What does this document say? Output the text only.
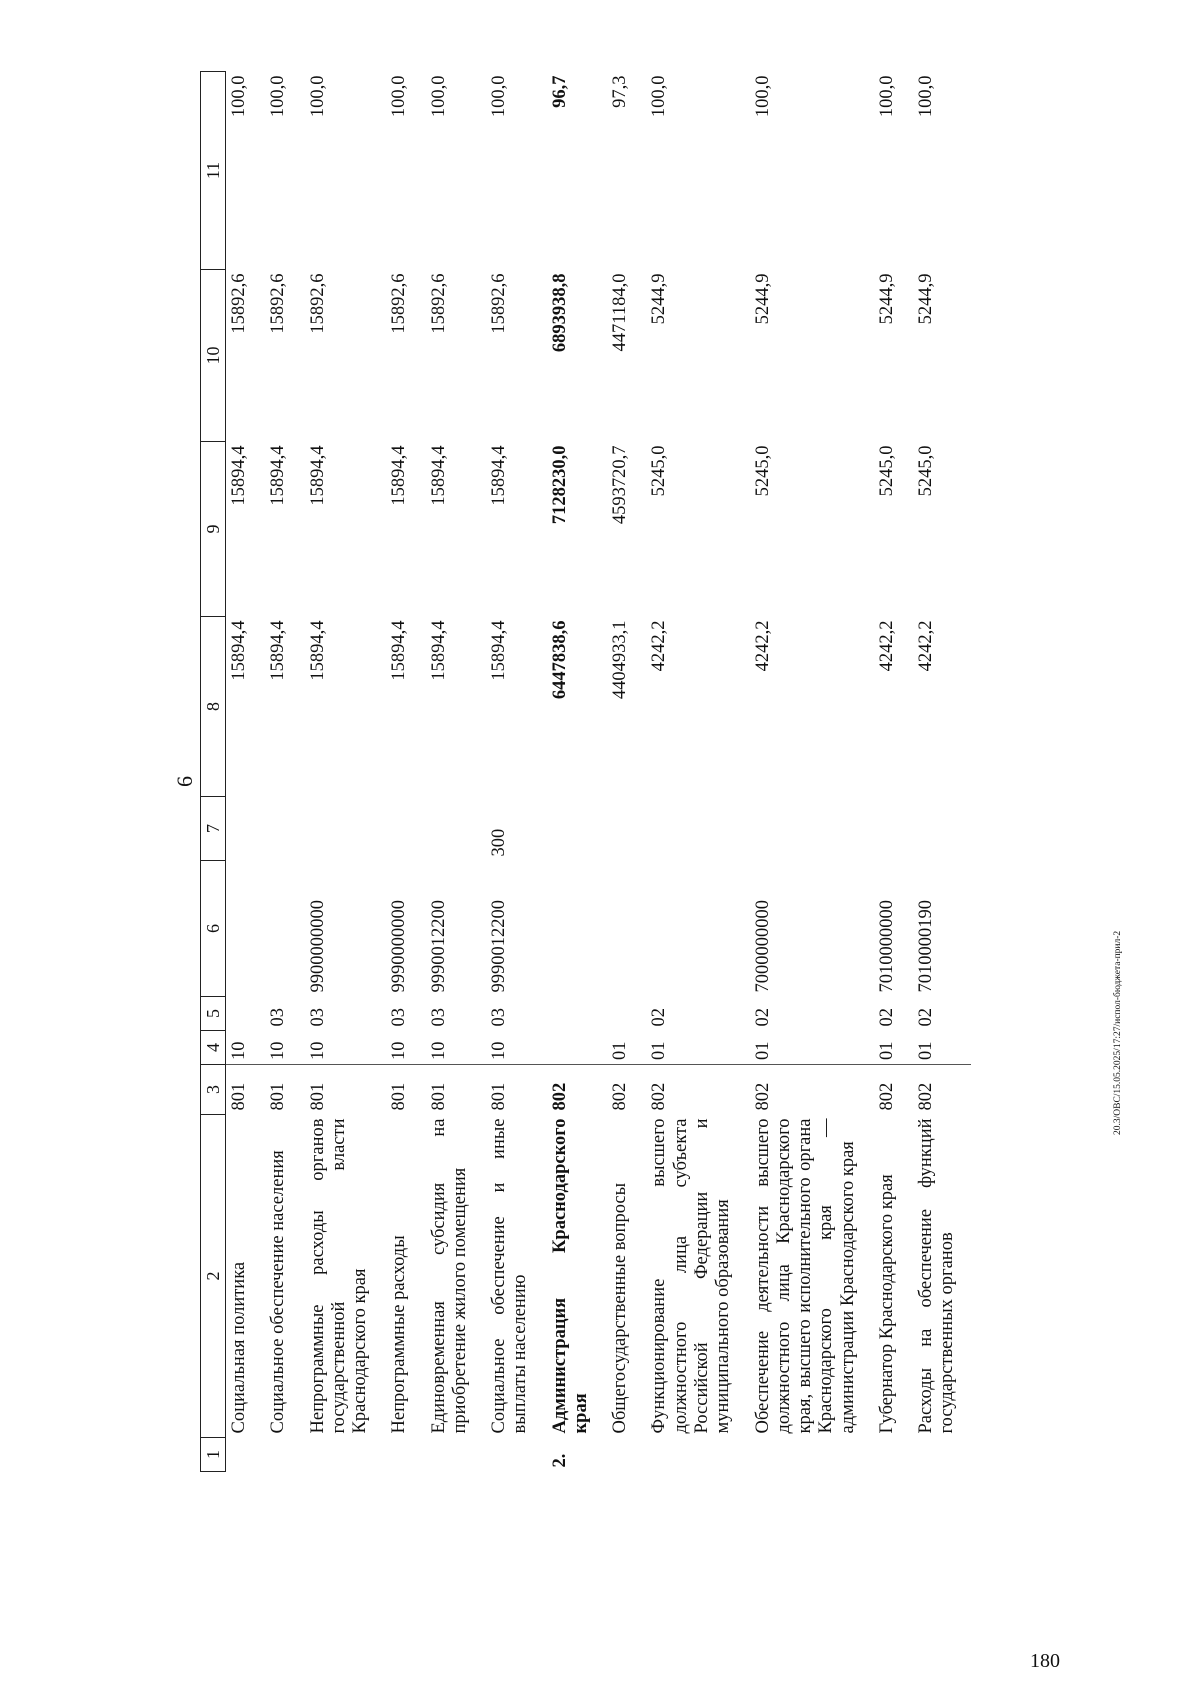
6
1	2	3	4	5	6	7	8	9	10	11
	Социальная политика	801	10				15894,4	15894,4	15892,6	100,0
	Социальное обеспечение населения	801	10	03			15894,4	15894,4	15892,6	100,0
	Непрограммные расходы органов государственной власти Краснодарского края	801	10	03	9900000000		15894,4	15894,4	15892,6	100,0
	Непрограммные расходы	801	10	03	9990000000		15894,4	15894,4	15892,6	100,0
	Единовременная субсидия на приобретение жилого помещения	801	10	03	9990012200		15894,4	15894,4	15892,6	100,0
	Социальное обеспечение и иные выплаты населению	801	10	03	9990012200	300	15894,4	15894,4	15892,6	100,0
2.	Администрация Краснодарского края	802					6447838,6	7128230,0	6893938,8	96,7
	Общегосударственные вопросы	802	01				4404933,1	4593720,7	4471184,0	97,3
	Функционирование высшего должностного лица субъекта Российской Федерации и муниципального образования	802	01	02			4242,2	5245,0	5244,9	100,0
	Обеспечение деятельности высшего должностного лица Краснодарского края, высшего исполнительного органа Краснодарского края — администрации Краснодарского края	802	01	02	7000000000		4242,2	5245,0	5244,9	100,0
	Губернатор Краснодарского края	802	01	02	7010000000		4242,2	5245,0	5244,9	100,0
	Расходы на обеспечение функций государственных органов	802	01	02	7010000190		4242,2	5245,0	5244,9	100,0
20.3/ОВС/15.05.2025/17:27/испол-бюджета-прил-2
180
